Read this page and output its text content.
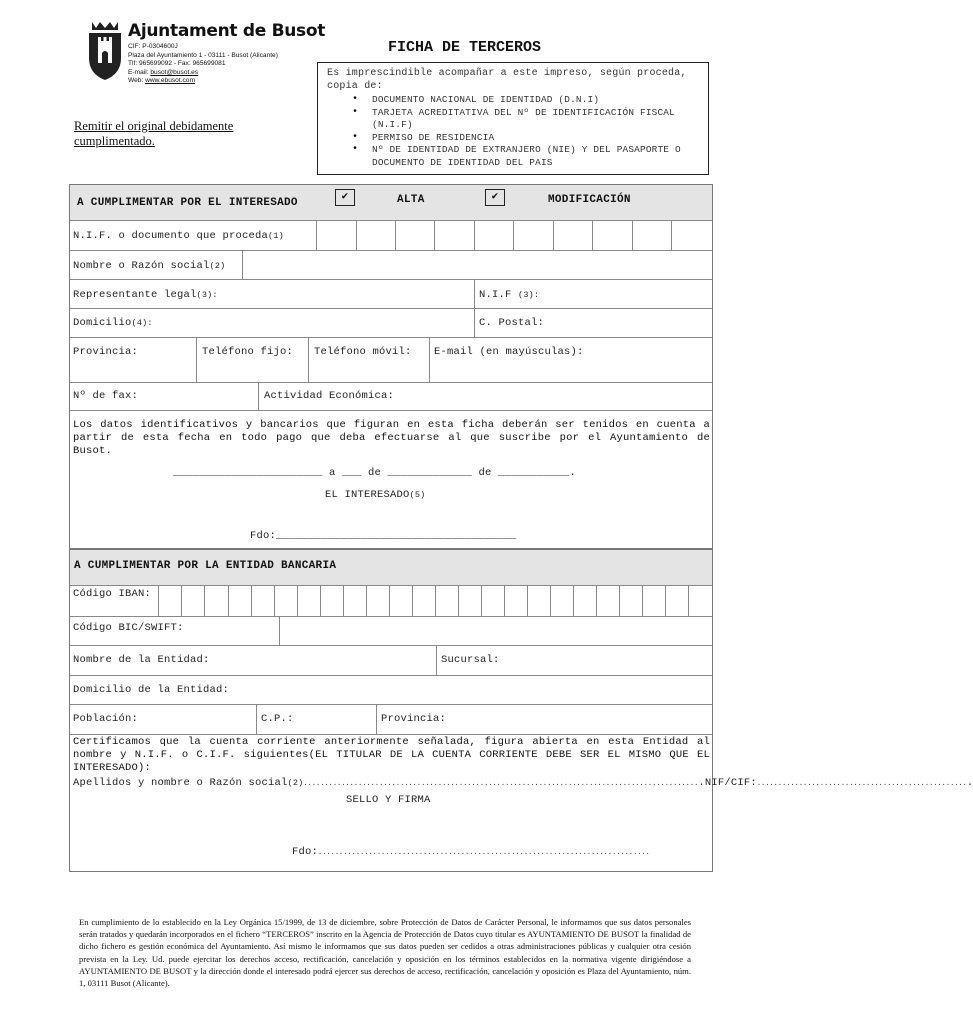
Ajuntament de Busot
CIF: P-0304600J
Plaza del Ayuntamiento 1 - 03111 - Busot (Alicante)
Tlf: 965699092 - Fax: 965699081
E-mail: busot@busot.es
Web: www.ebusot.com
FICHA DE TERCEROS
Remitir el original debidamente cumplimentado.
Es imprescindible acompañar a este impreso, según proceda, copia de:
• DOCUMENTO NACIONAL DE IDENTIDAD (D.N.I)
• TARJETA ACREDITATIVA DEL Nº DE IDENTIFICACIÓN FISCAL (N.I.F)
• PERMISO DE RESIDENCIA
• Nº DE IDENTIDAD DE EXTRANJERO (NIE) Y DEL PASAPORTE O DOCUMENTO DE IDENTIDAD DEL PAIS
A CUMPLIMENTAR POR EL INTERESADO	✔	ALTA	✔	MODIFICACIÓN
N.I.F. o documento que proceda(1)
Nombre o Razón social(2)
Representante legal(3):	N.I.F (3):
Domicilio(4):	C. Postal:
Provincia:	Teléfono fijo: Teléfono móvil: E-mail (en mayúsculas):
Nº de fax:	Actividad Económica:
Los datos identificativos y bancarios que figuran en esta ficha deberán ser tenidos en cuenta a partir de esta fecha en todo pago que deba efectuarse al que suscribe por el Ayuntamiento de Busot.
_______________________ a ___ de _____________ de ___________.
EL INTERESADO(5)
Fdo:_____________________________________
A CUMPLIMENTAR POR LA ENTIDAD BANCARIA
Código IBAN:
Código BIC/SWIFT:
Nombre de la Entidad:	Sucursal:
Domicilio de la Entidad:
Población:	C.P.:	Provincia:
Certificamos que la cuenta corriente anteriormente señalada, figura abierta en esta Entidad al nombre y N.I.F. o C.I.F. siguientes(EL TITULAR DE LA CUENTA CORRIENTE DEBE SER EL MISMO QUE EL INTERESADO):
Apellidos y nombre o Razón social(2)...............................................................................................NIF/CIF:...................................................
SELLO Y FIRMA
Fdo:...............................................................................
En cumplimiento de lo establecido en la Ley Orgánica 15/1999, de 13 de diciembre, sobre Protección de Datos de Carácter Personal, le informamos que sus datos personales serán tratados y quedarán incorporados en el fichero “TERCEROS” inscrito en la Agencia de Protección de Datos cuyo titular es AYUNTAMIENTO DE BUSOT la finalidad de dicho fichero es gestión económica del Ayuntamiento. Así mismo le informamos que sus datos pueden ser cedidos a otras administraciones públicas y cualquier otra cesión prevista en la Ley. Ud. puede ejercitar los derechos acceso, rectificación, cancelación y oposición en los términos establecidos en la normativa vigente dirigiéndose a AYUNTAMIENTO DE BUSOT y la dirección donde el interesado podrá ejercer sus derechos de acceso, rectificación, cancelación y oposición es Plaza del Ayuntamiento, núm. 1, 03111 Busot (Alicante).
